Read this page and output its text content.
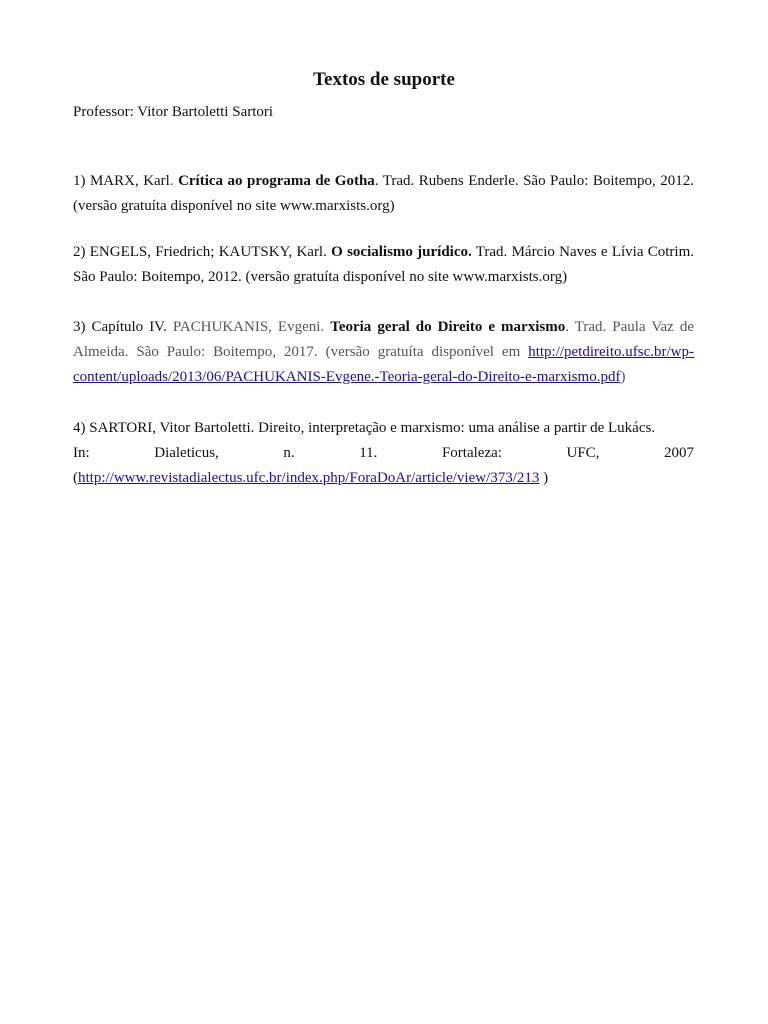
Textos de suporte
Professor: Vitor Bartoletti Sartori

1) MARX, Karl. Crítica ao programa de Gotha. Trad. Rubens Enderle. São Paulo: Boitempo, 2012. (versão gratuíta disponível no site www.marxists.org)

2) ENGELS, Friedrich; KAUTSKY, Karl. O socialismo jurídico. Trad. Márcio Naves e Lívia Cotrim. São Paulo: Boitempo, 2012. (versão gratuíta disponível no site www.marxists.org)

3) Capítulo IV. PACHUKANIS, Evgeni. Teoria geral do Direito e marxismo. Trad. Paula Vaz de Almeida. São Paulo: Boitempo, 2017. (versão gratuíta disponível em http://petdireito.ufsc.br/wp-content/uploads/2013/06/PACHUKANIS-Evgene.-Teoria-geral-do-Direito-e-marxismo.pdf)

4) SARTORI, Vitor Bartoletti. Direito, interpretação e marxismo: uma análise a partir de Lukács.
In:	Dialeticus,	n.	11.	Fortaleza:	UFC,	2007
(http://www.revistadialectus.ufc.br/index.php/ForaDoAr/article/view/373/213 )
